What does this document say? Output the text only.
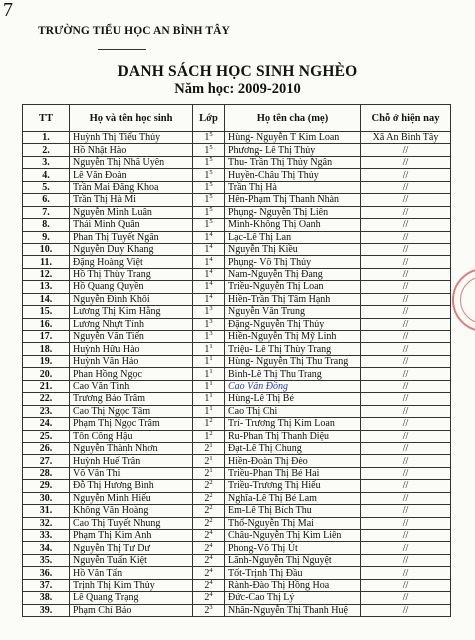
7
TRƯỜNG TIỂU HỌC AN BÌNH TÂY
DANH SÁCH HỌC SINH NGHÈO
Năm học: 2009-2010
TT	Họ và tên học sinh	Lớp	Họ tên cha (mẹ)	Chỗ ở hiện nay
1.	Huỳnh Thị Tiểu Thủy	$1^5$	Hùng- Nguyễn T Kim Loan	Xã An Bình Tây
2.	Hồ Nhật Hào	$1^5$	Phương- Lê Thị Thủy	//
3.	Nguyễn Thị Nhã Uyên	$1^5$	Thu- Trần Thị Thủy Ngân	//
4.	Lê Văn Đoàn	$1^5$	Huyền-Châu Thị Thủy	//
5.	Trần Mai Đăng Khoa	$1^5$	Trần Thị Hà	//
6.	Trần Thị Hà Mi	$1^5$	Hên-Phạm Thị Thanh Nhàn	//
7.	Nguyễn Minh Luân	$1^5$	Phụng- Nguyễn Thị Liên	//
8.	Thái Minh Quân	$1^5$	Minh-Không Thị Oanh	//
9.	Phan Thị Tuyết Ngân	$1^4$	Lạc-Lê Thị Lan	//
10.	Nguyễn Duy Khang	$1^4$	Nguyễn Thị Kiều	//
11.	Đặng Hoàng Việt	$1^4$	Phụng- Võ Thị Thủy	//
12.	Hồ Thị Thùy Trang	$1^4$	Nam-Nguyễn Thị Đang	//
13.	Hồ Quang Quyền	$1^4$	Triều-Nguyễn Thị Loan	//
14.	Nguyễn Đình Khôi	$1^4$	Hiền-Trần Thị Tâm Hạnh	//
15.	Lương Thị Kim Hằng	$1^3$	Nguyễn Văn Trung	//
16.	Lương Nhựt Tính	$1^3$	Đặng-Nguyễn Thị Thủy	//
17.	Nguyễn Văn Tiến	$1^3$	Hiền-Nguyễn Thị Mỹ Linh	//
18.	Huỳnh Hữu Hào	$1^1$	Triệu- Lê Thị Thùy Trang	//
19.	Huỳnh Văn Hảo	$1^1$	Hùng- Nguyễn Thị Thu Trang	//
20.	Phan Hồng Ngọc	$1^1$	Bình-Lê Thị Thu Trang	//
21.	Cao Văn Tình	$1^1$	Cao Văn Đồng	//
22.	Trương Bảo Trâm	$1^1$	Hùng-Lê Thị Bé	//
23.	Cao Thị Ngọc Tâm	$1^1$	Cao Thị Chi	//
24.	Phạm Thị Ngọc Trâm	$1^2$	Trí- Trương Thị Kim Loan	//
25.	Tôn Công Hậu	$1^2$	Ru-Phan Thị Thanh Diệu	//
26.	Nguyễn Thành Nhơn	$2^1$	Đạt-Lê Thị Chung	//
27.	Huỳnh Huế Trân	$2^1$	Hiền-Đoàn Thị Đèo	//
28.	Võ Văn Thi	$2^1$	Triều-Phan Thị Bé Hai	//
29.	Đỗ Thị Hương Bình	$2^2$	Triều-Trương Thị Hiếu	//
30.	Nguyễn Minh Hiếu	$2^2$	Nghĩa-Lê Thị Bé Lam	//
31.	Không Văn Hoàng	$2^2$	Em-Lê Thị Bích Thu	//
32.	Cao Thị Tuyết Nhung	$2^2$	Thổ-Nguyễn Thị Mai	//
33.	Phạm Thị Kim Anh	$2^4$	Châu-Nguyễn Thị Kim Liên	//
34.	Nguyễn Thị Tư Dư	$2^4$	Phong-Võ Thị Út	//
35.	Nguyễn Tuấn Kiệt	$2^4$	Lãnh-Nguyễn Thị Nguyệt	//
36.	Hồ Văn Tấn	$2^4$	Tốt-Trịnh Thị Đầu	//
37.	Trịnh Thị Kim Thủy	$2^4$	Rành-Đào Thị Hồng Hoa	//
38.	Lê Quang Trạng	$2^4$	Đức-Cao Thị Lý	//
39.	Phạm Chí Bảo	$2^3$	Nhân-Nguyễn Thị Thanh Huệ	//
